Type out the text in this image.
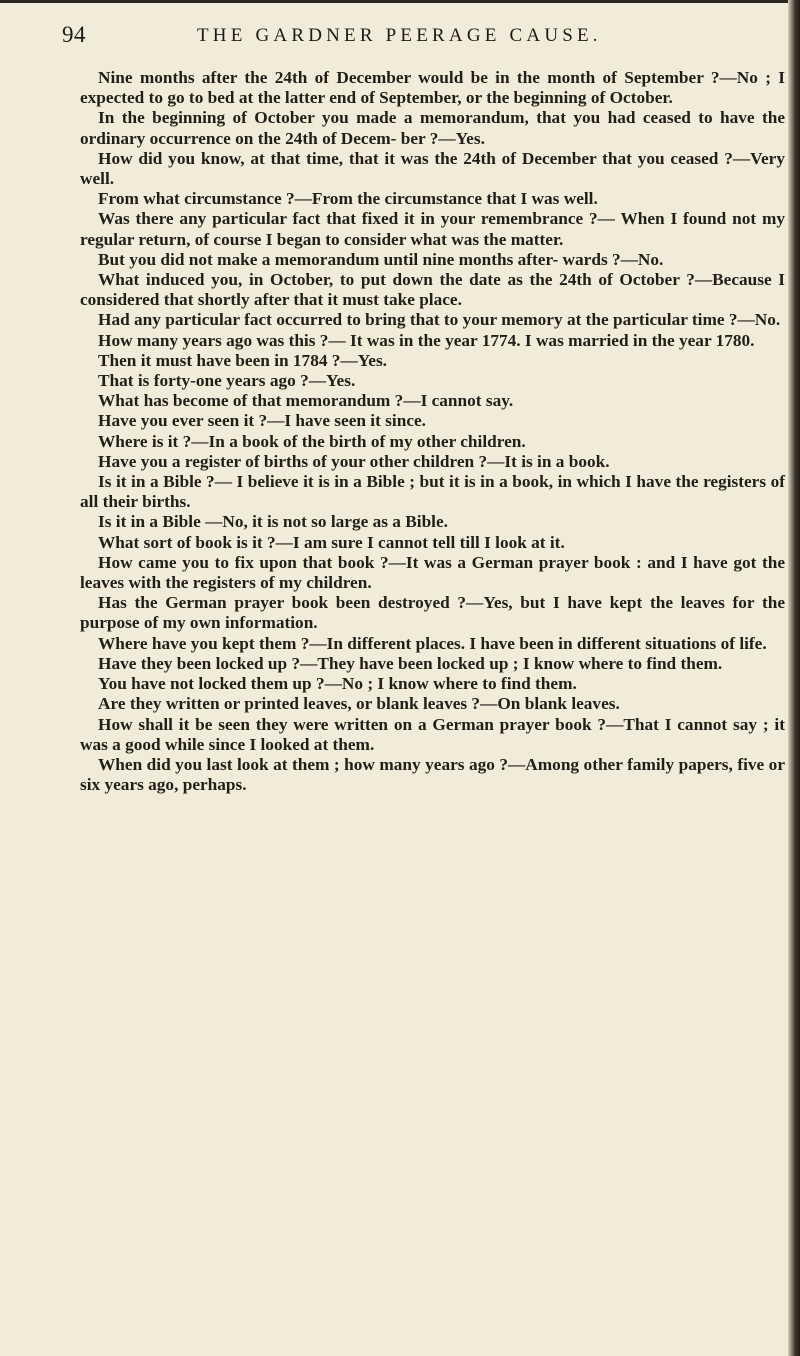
94	THE GARDNER PEERAGE CAUSE.

Nine months after the 24th of December would be in the month of September ?—No ; I expected to go to bed at the latter end of September, or the beginning of October.

In the beginning of October you made a memorandum, that you had ceased to have the ordinary occurrence on the 24th of Decem- ber ?—Yes.

How did you know, at that time, that it was the 24th of December that you ceased ?—Very well.

From what circumstance ?—From the circumstance that I was well.

Was there any particular fact that fixed it in your remembrance ?— When I found not my regular return, of course I began to consider what was the matter.

But you did not make a memorandum until nine months after- wards ?—No.

What induced you, in October, to put down the date as the 24th of October ?—Because I considered that shortly after that it must take place.

Had any particular fact occurred to bring that to your memory at the particular time ?—No.

How many years ago was this ?— It was in the year 1774. I was married in the year 1780.

Then it must have been in 1784 ?—Yes.

That is forty-one years ago ?—Yes.

What has become of that memorandum ?—I cannot say.

Have you ever seen it ?—I have seen it since.

Where is it ?—In a book of the birth of my other children.

Have you a register of births of your other children ?—It is in a book.

Is it in a Bible ?— I believe it is in a Bible ; but it is in a book, in which I have the registers of all their births.

Is it in a Bible —No, it is not so large as a Bible.

What sort of book is it ?—I am sure I cannot tell till I look at it.

How came you to fix upon that book ?—It was a German prayer book : and I have got the leaves with the registers of my children.

Has the German prayer book been destroyed ?—Yes, but I have kept the leaves for the purpose of my own information.

Where have you kept them ?—In different places. I have been in different situations of life.

Have they been locked up ?—They have been locked up ; I know where to find them.

You have not locked them up ?—No ; I know where to find them.

Are they written or printed leaves, or blank leaves ?—On blank leaves.

How shall it be seen they were written on a German prayer book ?—That I cannot say ; it was a good while since I looked at them.

When did you last look at them ; how many years ago ?—Among other family papers, five or six years ago, perhaps.
